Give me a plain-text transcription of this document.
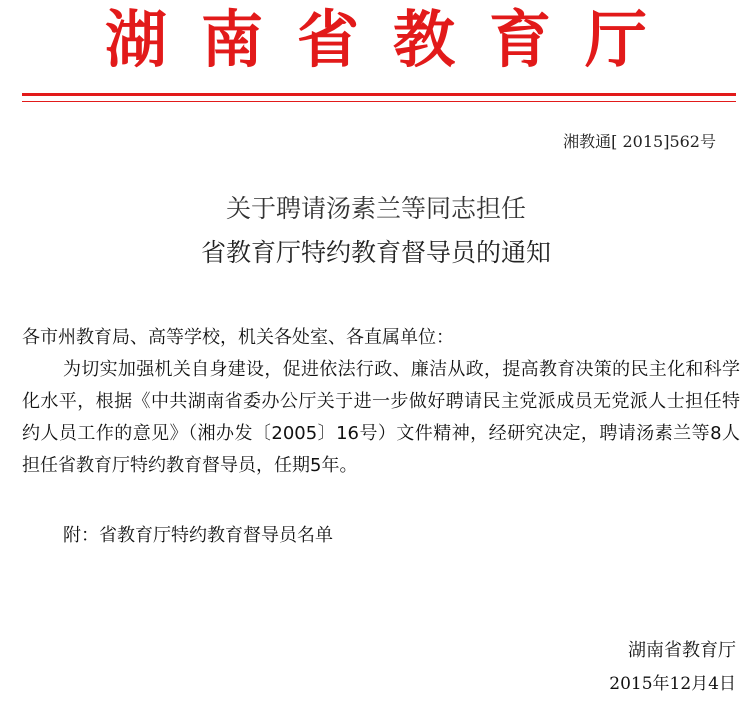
湖南省教育厅
湘教通[ 2015]562号
关于聘请汤素兰等同志担任
省教育厅特约教育督导员的通知
各市州教育局、高等学校，机关各处室、各直属单位：
为切实加强机关自身建设，促进依法行政、廉洁从政，提高教育决策的民主化和科学化水平，根据《中共湖南省委办公厅关于进一步做好聘请民主党派成员无党派人士担任特约人员工作的意见》（湘办发〔2005〕16号）文件精神，经研究决定，聘请汤素兰等8人担任省教育厅特约教育督导员，任期5年。
附：省教育厅特约教育督导员名单
湖南省教育厅
2015年12月4日
